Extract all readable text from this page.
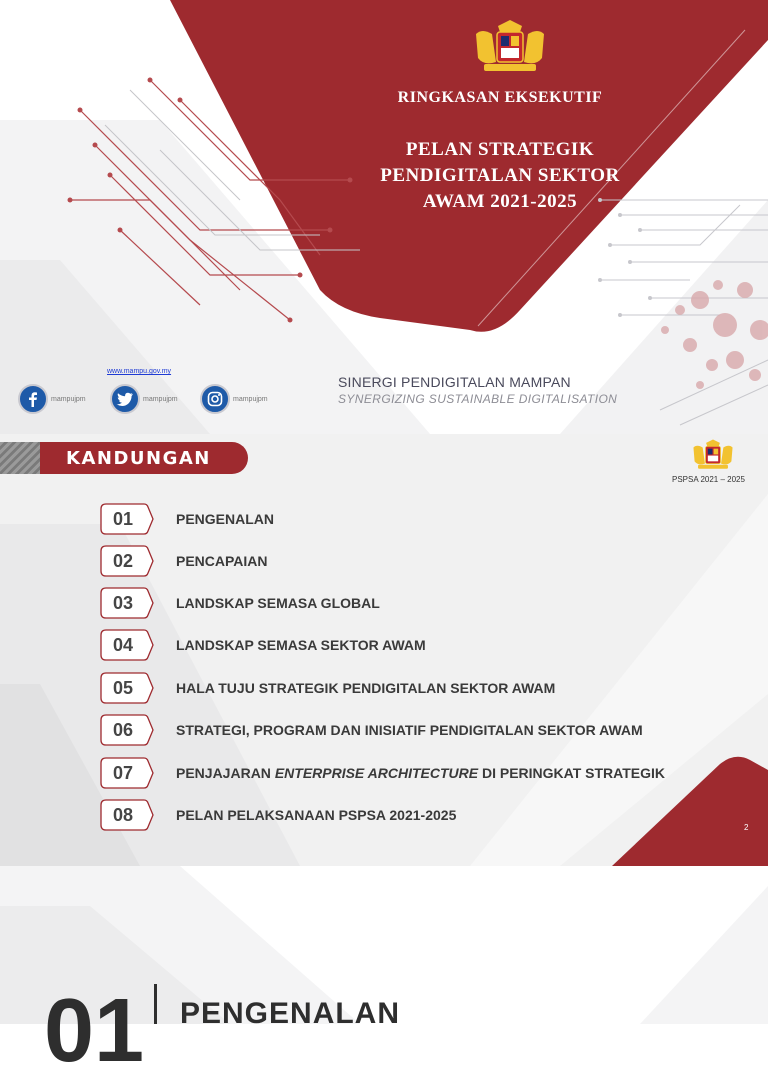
RINGKASAN EKSEKUTIF
PELAN STRATEGIK
PENDIGITALAN SEKTOR
AWAM 2021-2025
www.mampu.gov.my
mampujpm	mampujpm	mampujpm
SINERGI PENDIGITALAN MAMPAN
SYNERGIZING SUSTAINABLE DIGITALISATION
KANDUNGAN
PSPSA 2021 – 2025
01	PENGENALAN
02	PENCAPAIAN
03	LANDSKAP SEMASA GLOBAL
04	LANDSKAP SEMASA SEKTOR AWAM
05	HALA TUJU STRATEGIK PENDIGITALAN SEKTOR AWAM
06	STRATEGI, PROGRAM DAN INISIATIF PENDIGITALAN SEKTOR AWAM
07	PENJAJARAN ENTERPRISE ARCHITECTURE DI PERINGKAT STRATEGIK
08	PELAN PELAKSANAAN PSPSA 2021-2025
2
01 PENGENALAN
